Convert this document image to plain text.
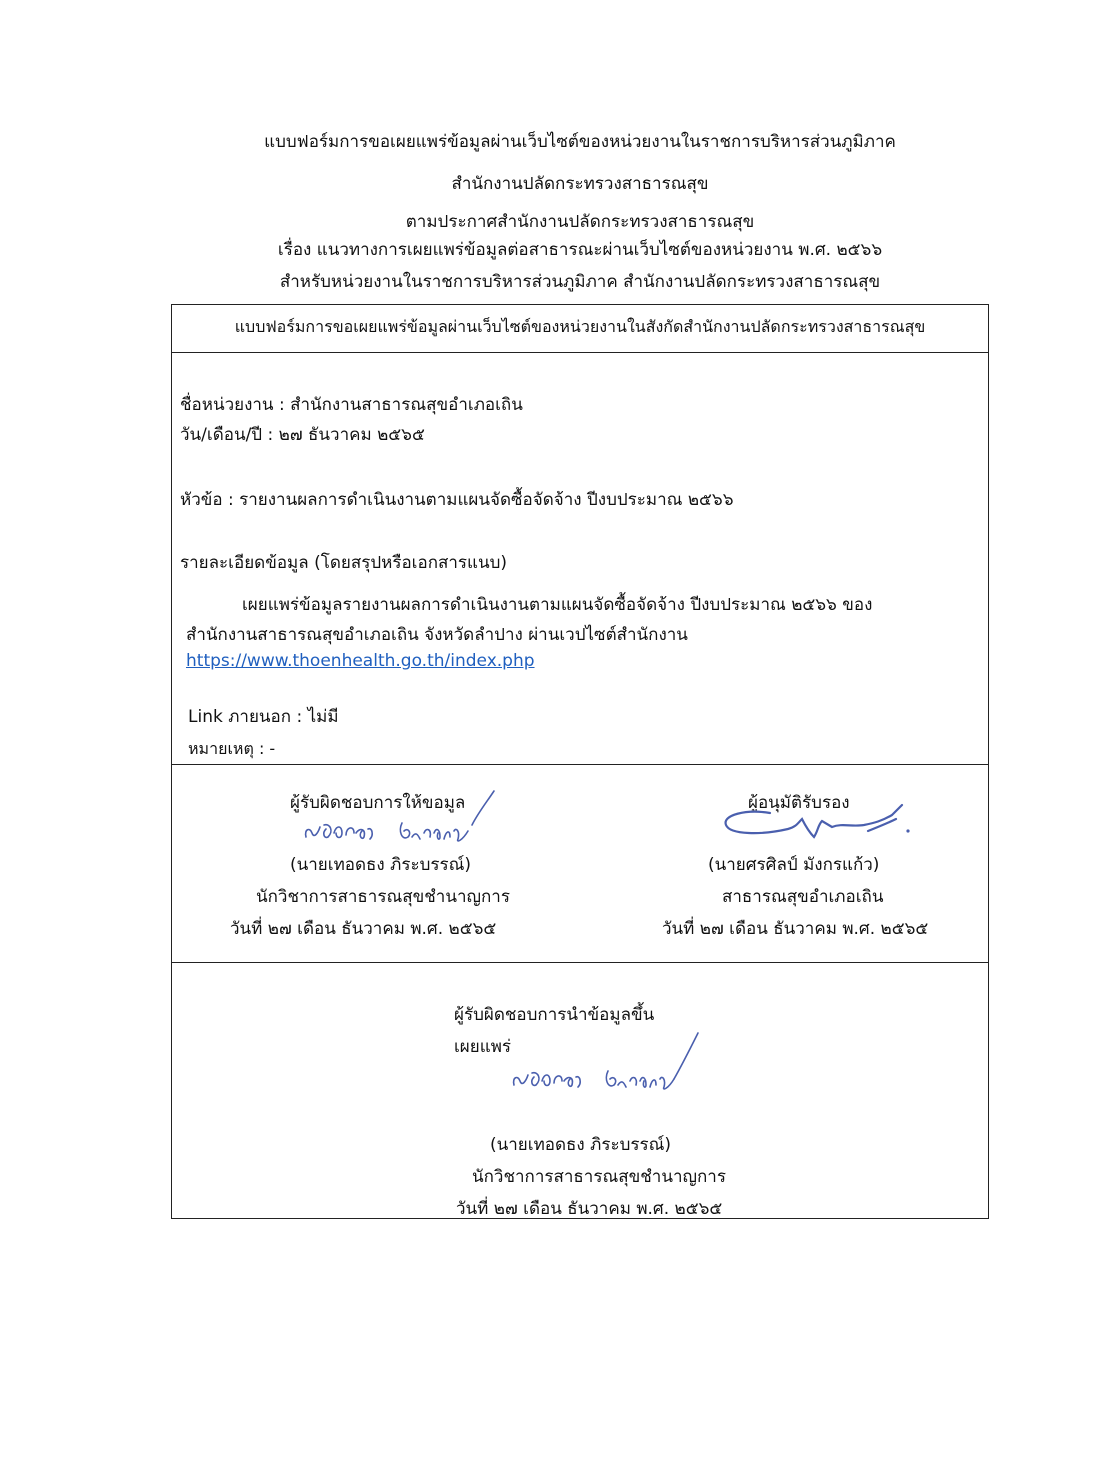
แบบฟอร์มการขอเผยแพร่ข้อมูลผ่านเว็บไซต์ของหน่วยงานในราชการบริหารส่วนภูมิภาค
สำนักงานปลัดกระทรวงสาธารณสุข
ตามประกาศสำนักงานปลัดกระทรวงสาธารณสุข
เรื่อง แนวทางการเผยแพร่ข้อมูลต่อสาธารณะผ่านเว็บไซต์ของหน่วยงาน พ.ศ. ๒๕๖๖
สำหรับหน่วยงานในราชการบริหารส่วนภูมิภาค สำนักงานปลัดกระทรวงสาธารณสุข
แบบฟอร์มการขอเผยแพร่ข้อมูลผ่านเว็บไซต์ของหน่วยงานในสังกัดสำนักงานปลัดกระทรวงสาธารณสุข
ชื่อหน่วยงาน : สำนักงานสาธารณสุขอำเภอเถิน
วัน/เดือน/ปี : ๒๗ ธันวาคม ๒๕๖๕
หัวข้อ : รายงานผลการดำเนินงานตามแผนจัดซื้อจัดจ้าง ปีงบประมาณ ๒๕๖๖
รายละเอียดข้อมูล (โดยสรุปหรือเอกสารแนบ)
เผยแพร่ข้อมูลรายงานผลการดำเนินงานตามแผนจัดซื้อจัดจ้าง ปีงบประมาณ ๒๕๖๖ ของ
สำนักงานสาธารณสุขอำเภอเถิน จังหวัดลำปาง ผ่านเวปไซต์สำนักงาน
https://www.thoenhealth.go.th/index.php
Link ภายนอก : ไม่มี
หมายเหตุ : -
ผู้รับผิดชอบการให้ขอมูล
(นายเทอดธง ภิระบรรณ์)
นักวิชาการสาธารณสุขชำนาญการ
วันที่ ๒๗ เดือน ธันวาคม พ.ศ. ๒๕๖๕
ผู้อนุมัติรับรอง
(นายศรศิลป์ มังกรแก้ว)
สาธารณสุขอำเภอเถิน
วันที่ ๒๗ เดือน ธันวาคม พ.ศ. ๒๕๖๕
ผู้รับผิดชอบการนำข้อมูลขึ้น
เผยแพร่
(นายเทอดธง ภิระบรรณ์)
นักวิชาการสาธารณสุขชำนาญการ
วันที่ ๒๗ เดือน ธันวาคม พ.ศ. ๒๕๖๕
